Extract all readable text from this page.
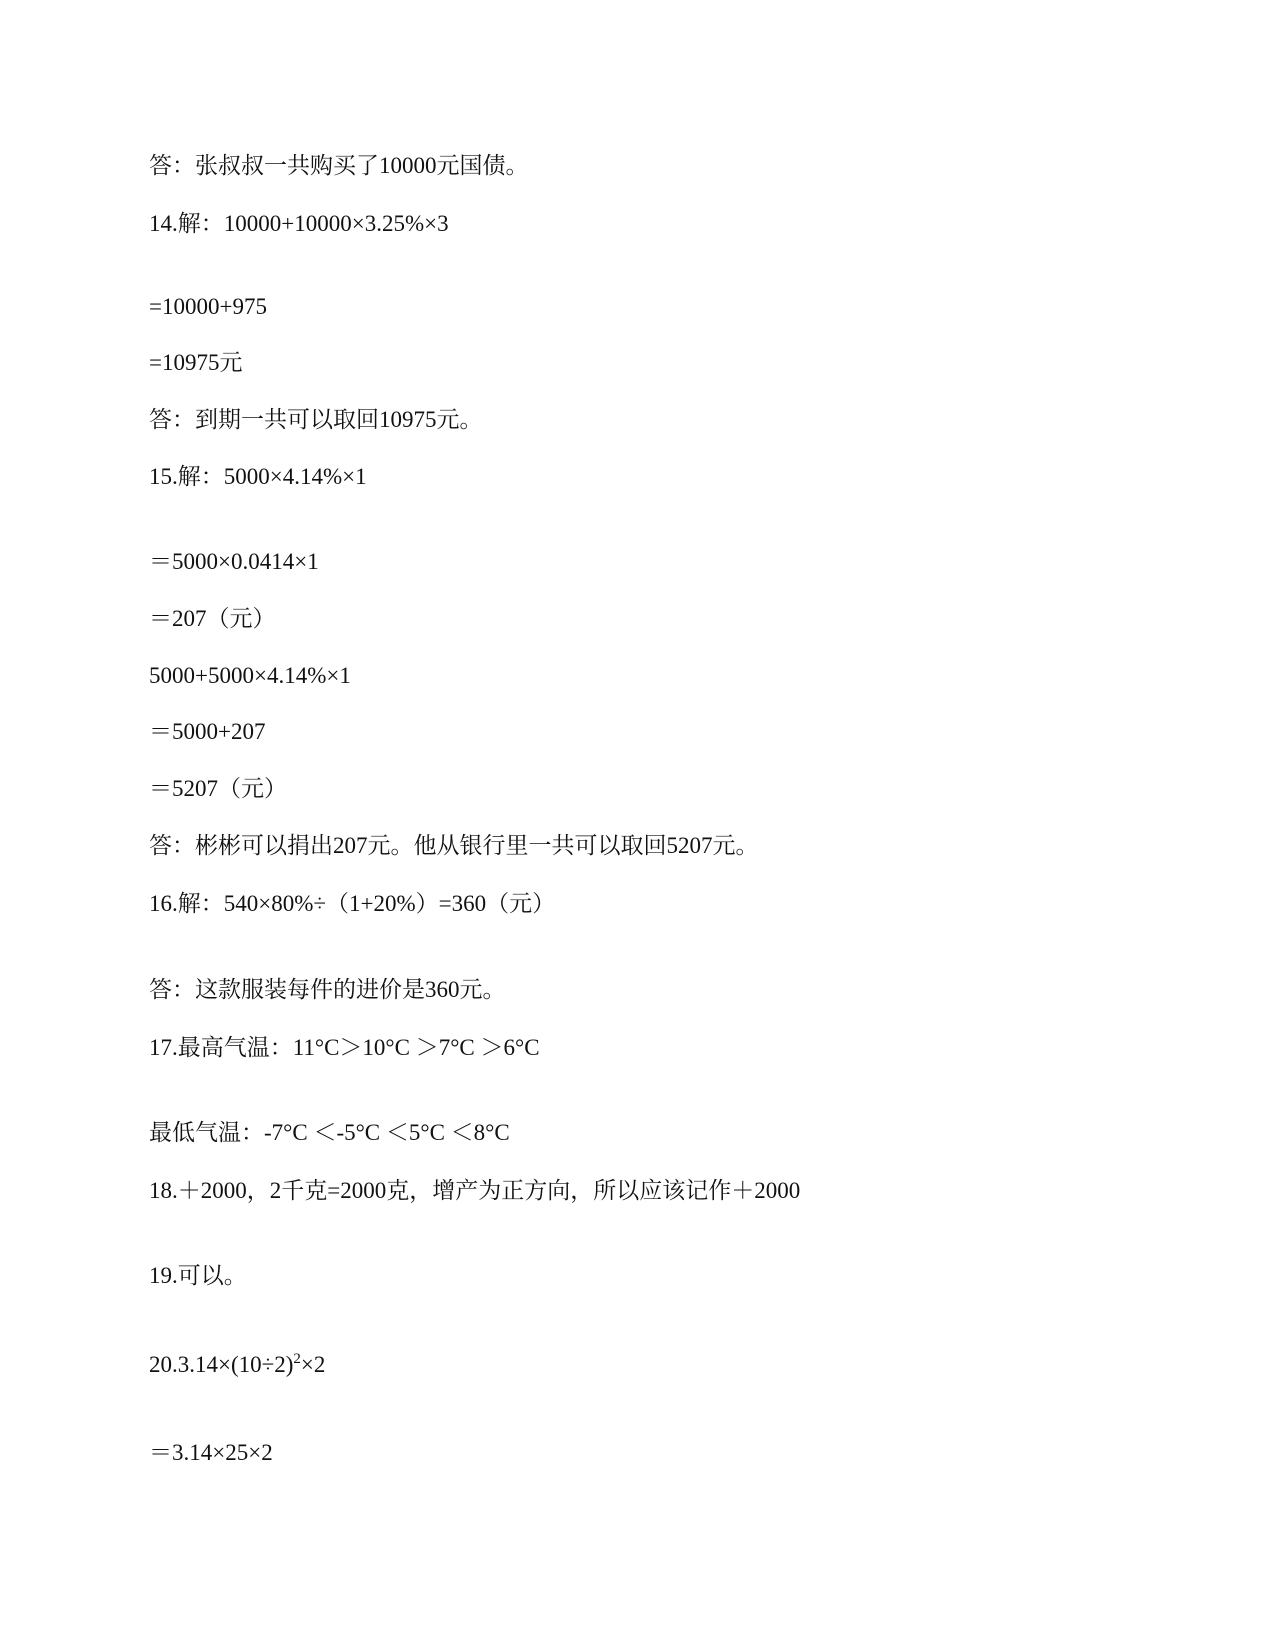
答：张叔叔一共购买了10000元国债。
14.解：10000+10000×3.25%×3
=10000+975
=10975元
答：到期一共可以取回10975元。
15.解：5000×4.14%×1
＝5000×0.0414×1
＝207（元）
5000+5000×4.14%×1
＝5000+207
＝5207（元）
答：彬彬可以捐出207元。他从银行里一共可以取回5207元。
16.解：540×80%÷（1+20%）=360（元）
答：这款服装每件的进价是360元。
17.最高气温：11°C＞10°C ＞7°C ＞6°C
最低气温：-7°C ＜-5°C ＜5°C ＜8°C
18.＋2000，2千克=2000克，增产为正方向，所以应该记作＋2000
19.可以。
$20.3.14\times(10\div 2)^2\times 2$
＝3.14×25×2
